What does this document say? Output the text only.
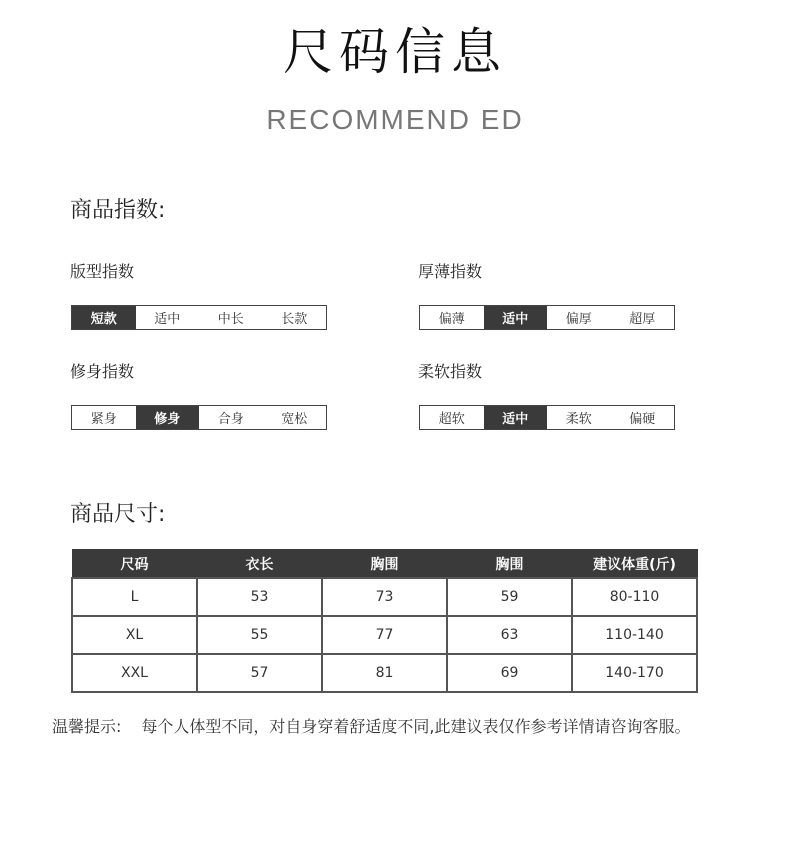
尺码信息
RECOMMEND ED
商品指数:
版型指数
短款	适中	中长	长款
厚薄指数
偏薄	适中	偏厚	超厚
修身指数
紧身	修身	合身	宽松
柔软指数
超软	适中	柔软	偏硬
商品尺寸:
尺码	衣长	胸围	胸围	建议体重(斤)
L	53	73	59	80-110
XL	55	77	63	110-140
XXL	57	81	69	140-170
温馨提示: 每个人体型不同，对自身穿着舒适度不同,此建议表仅作参考详情请咨询客服。
